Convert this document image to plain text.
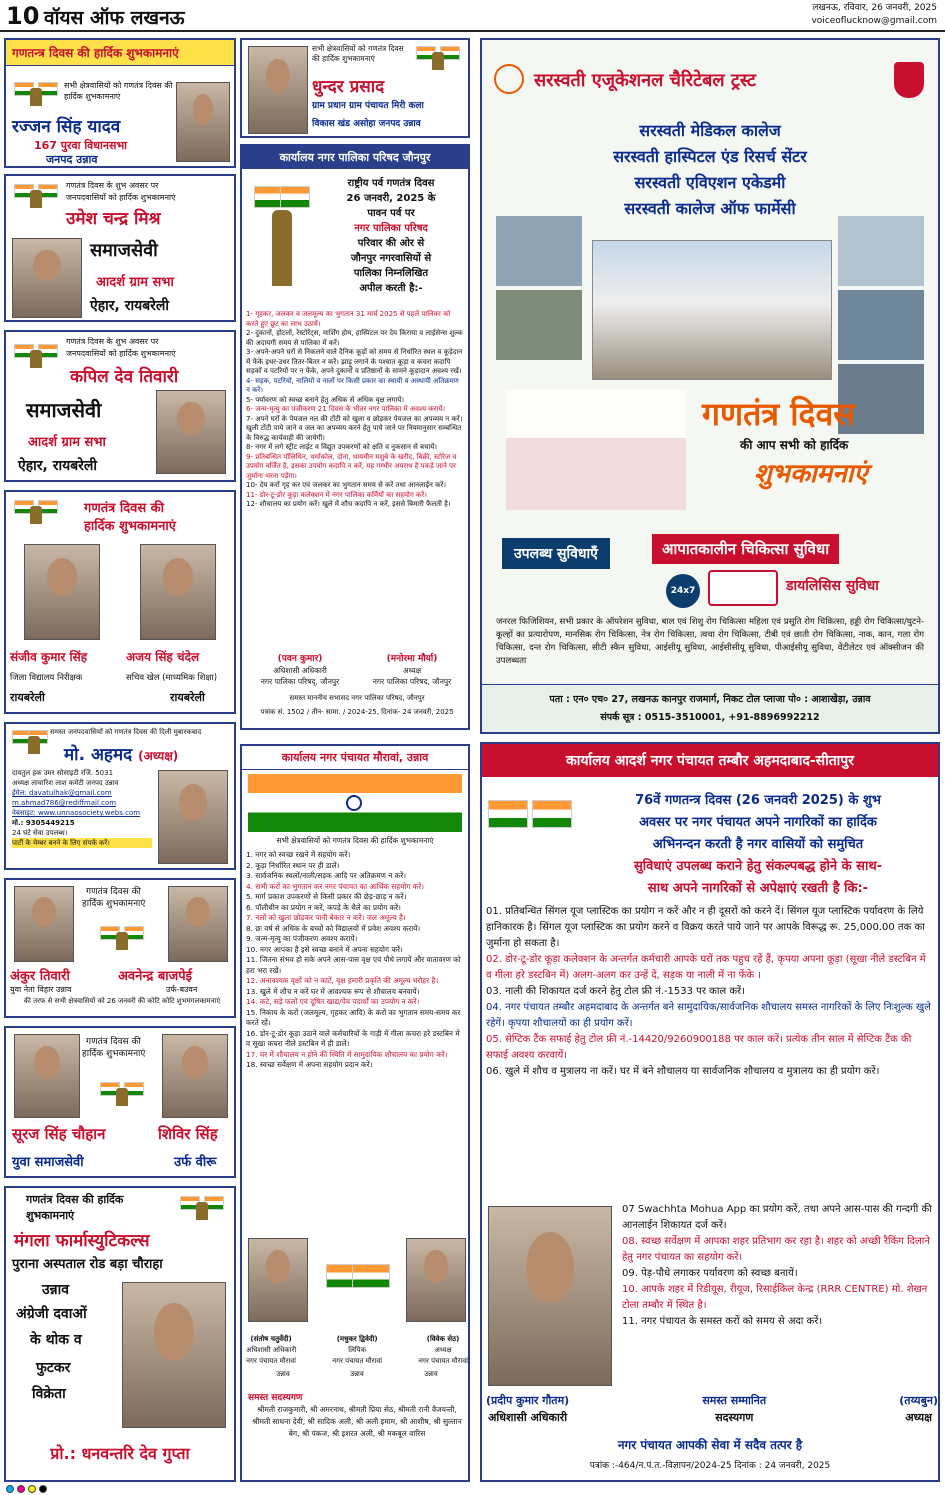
10 वॉयस ऑफ लखनऊ	लखनऊ, रविवार, 26 जनवरी, 2025
voiceoflucknow@gmail.com
गणतन्त्र दिवस की हार्दिक शुभकामनाएं
सभी क्षेत्रवासियों को गणतंत्र दिवस की हार्दिक शुभकामनाएं
रज्जन सिंह यादव
167 पुरवा विधानसभा
जनपद उन्नाव
सभी क्षेत्रवासियों को गणतंत्र दिवस की हार्दिक शुभकामनाएं
धुन्दर प्रसाद
ग्राम प्रधान ग्राम पंचायत मिरी कला
विकास खंड असोहा जनपद उन्नाव
गणतंत्र दिवस के शुभ अवसर पर
जनपदवासियों को हार्दिक शुभकामनाएं
उमेश चन्द्र मिश्र
समाजसेवी
आदर्श ग्राम सभा
ऐहार, रायबरेली
गणतंत्र दिवस के शुभ अवसर पर
जनपदवासियों को हार्दिक शुभकामनाएं
कपिल देव तिवारी
समाजसेवी
आदर्श ग्राम सभा
ऐहार, रायबरेली
गणतंत्र दिवस की
हार्दिक शुभकामनाएं
संजीव कुमार सिंह	अजय सिंह चंदेल
जिला विद्यालय निरीक्षक	सचिव खेल (माध्यमिक शिक्षा)
रायबरेली	रायबरेली
समस्त जनपदवासियों को गणतंत्र दिवस की दिली मुबारकबाद
मो. अहमद (अध्यक्ष)
दावतुल हक उमर सोसाइटी रजि. 5031
अध्यक्ष लावारिश लाश कमेटी जनपद उन्नाव
ईमेल: davatulhak@gmail.com
m.ahmad786@rediffmail.com
वेबसाइट: www.unnaosociety.webs.com
मो.: 9305449215
24 घंटे सेवा उपलब्ध।
पार्टी के मेम्बर बनने के लिए संपर्क करें।
गणतंत्र दिवस की
हार्दिक शुभकामनाएं
अंकुर तिवारी	अवनेन्द्र बाजपेई
युवा नेता विहार उन्नाव	उर्फ-बउवन
की तरफ से सभी क्षेत्रवासियों को 26 जनवरी की कोटि कोटि शुभमंगलकामनाएं
गणतंत्र दिवस की
हार्दिक शुभकामनाएं
सूरज सिंह चौहान	शिविर सिंह
युवा समाजसेवी	उर्फ वीरू
गणतंत्र दिवस की हार्दिक
शुभकामनाएं
मंगला फार्मास्युटिकल्स
पुराना अस्पताल रोड बड़ा चौराहा
उन्नाव
अंग्रेजी दवाओं
के थोक व
फुटकर
विक्रेता
प्रो.: धनवन्तरि देव गुप्ता
कार्यालय नगर पालिका परिषद जौनपुर
राष्ट्रीय पर्व गणतंत्र दिवस
26 जनवरी, 2025 के
पावन पर्व पर
नगर पालिका परिषद
परिवार की ओर से
जौनपुर नगरवासियों से
पालिका निम्नलिखित
अपील करती है:-
1- गृहकर, जलकर व जलमूल्य का भुगतान 31 मार्च 2025 से पहले पालिका को करते हुए छूट का लाभ उठायें।
2- दुकानों, होटलों, रेस्टोरेंट्स, मार्शिंग होम, हास्पिटल पर देय किराया व लाईसेन्स शुल्क की अदायगी समय से पालिका में करें।
3- अपने-अपने घरों से निकलने वाले दैनिक कूड़ों को समय से निर्धारित स्थल व कूड़ेदान में फेंके इधर-उधर तितर-बितर न करें। झाड़ू लगाने के पश्चात कूड़ा व कचरा कदापि सड़कों व पटरियों पर न फेंके, अपने दुकानों व प्रतिष्ठानों के सामने कूड़ादान अवश्य रखें।
4- सड़क, पटरियों, नालियों व नालों पर किसी प्रकार का स्थायी व अस्थायी अतिक्रमण न करें।
5- पर्यावरण को स्वच्छ बनाने हेतु अधिक से अधिक वृक्ष लगायें।
6- जन्म-मृत्यु का पंजीकरण 21 दिवस के भीतर नगर पालिका में अवश्य करायें।
7- अपने घरों के पेयजल नल की टोंटी को खुला व छोड़कर पेयजल का अपव्यय न करें। खुली टोंटी पाये जाने व जल का अपव्यय करने हेतु पाये जाने पर नियमानुसार सम्बन्धित के विरुद्ध कार्यवाही की जायेगी।
8- नगर में लगे स्ट्रीट लाईट व विद्युत उपकरणों को क्षति व नुकसान से बचायें।
9- प्रतिबन्धित पॉलिथिन, थर्माकोल, दोना, थायमीन मशुबे के खरीद, बिक्री, स्टोरेज व उपयोग वर्जित है, इसका उपयोग कदापि न करें, यह गम्भीर अपराध है पकड़े जाने पर जुर्माना भरना पड़ेगा।
10- देय करों गृह कर एवं जलकर का भुगतान समय से करें तथा आनलाईन करें।
11- डोर-टू-डोर कूड़ा कलेक्शन में नगर पालिका कर्मियों का सहयोग करें।
12- शौचालय का प्रयोग करें। खुले में शौच कदापि न करें, इससे बिमारी फैलती है।
(पवन कुमार)
अधिशासी अधिकारी
नगर पालिका परिषद्, जौनपुर
(मनोरमा मौर्या)
अध्यक्ष
नगर पालिका परिषद, जौनपुर
समस्त माननीय सभासद नगर पालिका परिषद, जौनपुर
पत्रांक सं. 1502 / तीन- सामा. / 2024-25, दिनांक- 24 जनवरी, 2025
कार्यालय नगर पंचायत मौरावां, उन्नाव
सभी क्षेत्रवासियों को गणतंत्र दिवस की हार्दिक शुभकामनाएं
1. नगर को स्वच्छ रखने में सहयोग करें।
2. कूड़ा निर्धारित स्थान पर ही डालें।
3. सार्वजनिक स्थलों/नाली/सड़क आदि पर अतिक्रमण न करें।
4. सभी करों का भुगतान कर नगर पंचायत का आर्थिक सहयोग करें।
5. मार्ग प्रकाश उपकरणों से किसी प्रकार की छेड़-छाड़ न करें।
6. पॉलीथीन का प्रयोग न करें, कपड़े के थैले का प्रयोग करें।
7. नलों को खुला छोड़कर पानी बेकार न करें। जल अमूल्य है।
8. छः वर्ष से अधिक के बच्चों को विद्यालयों में प्रवेश अवश्य करायें।
9. जन्म-मृत्यु का पंजीकरण अवश्य करायें।
10. नगर आपका है इसे स्वच्छ बनाने में अपना सहयोग करें।
11. जितना संभव हो सके अपने आस-पास वृक्ष एवं पौधे लगायें और वातावरण को हरा भरा रखें।
12. अनावश्यक वृक्षों को न काटें, वृक्ष हमारी प्रकृति की अमूल्य धरोहर है।
13. खुले में शौच न करें घर में आवश्यक रूप से शौचालय बनवायें।
14. कटे, सड़े फलों एवं दूषित खाद्य/पेय पदार्थों का उपयोग न करें।
15. निकाय के करों (जलमूल्य, गृहकर आदि) के करों का भुगतान समय-समय कर करते रहें।
16. डोर-टू-डोर कूड़ा उठाने वाले कर्मचारियों के गाड़ी में गीला कचरा हरे डस्टबिन में व सूखा कचरा नीले डस्टबिन में ही डालें।
17. घर में शौचालय न होने की स्थिति में सामुदायिक शौचालय का प्रयोग करें।
18. स्वच्छ सर्वेक्षण में अपना सहयोग प्रदान करें।
(संतोष चतुर्वेदी)
अधिशासी अधिकारी
नगर पंचायत मौरावां
(मधुकर द्विवेदी)
लिपिक
नगर पंचायत मौरावां
(विवेक सेठ)
अध्यक्ष
नगर पंचायत मौरावां
उन्नाव	उन्नाव	उन्नाव
समस्त सदस्यगण
श्रीमती राजकुमारी, श्री अमरनाथ, श्रीमती प्रिया सेठ, श्रीमती रानी वैजयन्ती, श्रीमती साधना देवी, श्री सादिक अली, श्री अली इमाम, श्री आशीष, श्री सुल्तान बेग, श्री पंकज, श्री इशरत अली, श्री मकबूल वारिस
सरस्वती एजूकेशनल चैरिटेबल ट्रस्ट
सरस्वती मेडिकल कालेज
सरस्वती हास्पिटल एंड रिसर्च सेंटर
सरस्वती एविएशन एकेडमी
सरस्वती कालेज ऑफ फार्मेसी
गणतंत्र दिवस
की आप सभी को हार्दिक
शुभकामनाएं
उपलब्ध सुविधाएँ	आपातकालीन चिकित्सा सुविधा
24x7	डायलिसिस सुविधा
जनरल फिजिशियन, सभी प्रकार के ऑपरेशन सुविधा, बाल एवं शिशु रोग चिकित्सा महिला एवं प्रसूति रोग चिकित्सा, हड्डी रोग चिकित्सा/घुटने-कूल्हों का प्रत्यारोपण, मानसिक रोग चिकित्सा, नेत्र रोग चिकित्सा, त्वचा रोग चिकित्सा, टीबी एवं छाती रोग चिकित्सा, नाक, कान, गला रोग चिकित्सा, दन्त रोग चिकित्सा, सीटी स्कैन सुविधा, आईसीयू सुविधा, आईसीसीयू सुविधा, पीआईसीयू सुविधा, वेंटीलेटर एवं ऑक्सीजन की उपलब्धता
पता : एन० एच० 27, लखनऊ कानपुर राजमार्ग, निकट टोल प्लाजा पो० : आशाखेड़ा, उन्नाव
संपर्क सूत्र : 0515-3510001, +91-8896992212
कार्यालय आदर्श नगर पंचायत तम्बौर अहमदाबाद-सीतापुर
76वें गणतन्त्र दिवस (26 जनवरी 2025) के शुभ
अवसर पर नगर पंचायत अपने नागरिकों का हार्दिक
अभिनन्दन करती है नगर वासियों को समुचित
सुविधाएं उपलब्ध कराने हेतु संकल्पबद्ध होने के साथ-
साथ अपने नागरिकों से अपेक्षाएं रखती है कि:-
01. प्रतिबन्धित सिंगल यूज प्लास्टिक का प्रयोग न करें और न ही दूसरों को करने दें। सिंगल यूज प्लास्टिक पर्यावरण के लिये हानिकारक है। सिंगल यूज प्लास्टिक का प्रयोग करने व विक्रय करते पाये जाने पर आपके विरूद्ध रू. 25,000.00 तक का जुर्माना हो सकता है।
02. डोर-टू-डोर कूड़ा कलेक्शन के अन्तर्गत कर्मचारी आपके घरों तक पहुच रहें हैं, कृपया अपना कूड़ा (सूखा नीले डस्टबिन में व गीला हरे डस्टबिन में) अलग-अलग कर उन्हें दें, सड़क या नाली में ना फेंके ।
03. नाली की शिकायत दर्ज करने हेतु टोल फ्री नं.-1533 पर काल करें।
04. नगर पंचायत तम्बौर अहमदाबाद के अन्तर्गत बने सामुदायिक/सार्वजनिक शौचालय समस्त नागरिकों के लिए निःशुल्क खुले रहेगें। कृपया शौचालयों का ही प्रयोग करें।
05. सेप्टिक टैंक सफाई हेतु टोल फ्री नं.-14420/9260900188 पर काल करें। प्रत्येक तीन साल में सेप्टिक टैंक की सफाई अवश्य करवायें।
06. खुले में शौच व मुत्रालय ना करें। घर में बने शौचालय या सार्वजनिक शौचालय व मुत्रालय का ही प्रयोग करें।
07 Swachhta Mohua App का प्रयोग करें, तथा अपने आस-पास की गन्दगी की आनलाईन शिकायत दर्ज करें।
08. स्वच्छ सर्वेक्षण में आपका शहर प्रतिभाग कर रहा है। शहर को अच्छी रैकिंग दिलाने हेतु नगर पंचायत का सहयोग करें।
09. पेड़-पौधे लगाकर पर्यावरण को स्वच्छ बनायें।
10. आपके शहर में रिडीयूस, रीयूज, रिसाईकिल केन्द्र (RRR CENTRE) मो. शेखन टोला तम्बौर में स्थित है।
11. नगर पंचायत के समस्त करों को समय से अदा करें।
(प्रदीप कुमार गौतम)
अधिशासी अधिकारी
समस्त सम्मानित
सदस्यगण
(तय्यबुन)
अध्यक्ष
नगर पंचायत आपकी सेवा में सदैव तत्पर है
पत्रांक :-464/न.पं.त.-विज्ञापन/2024-25 दिनांक : 24 जनवरी, 2025
